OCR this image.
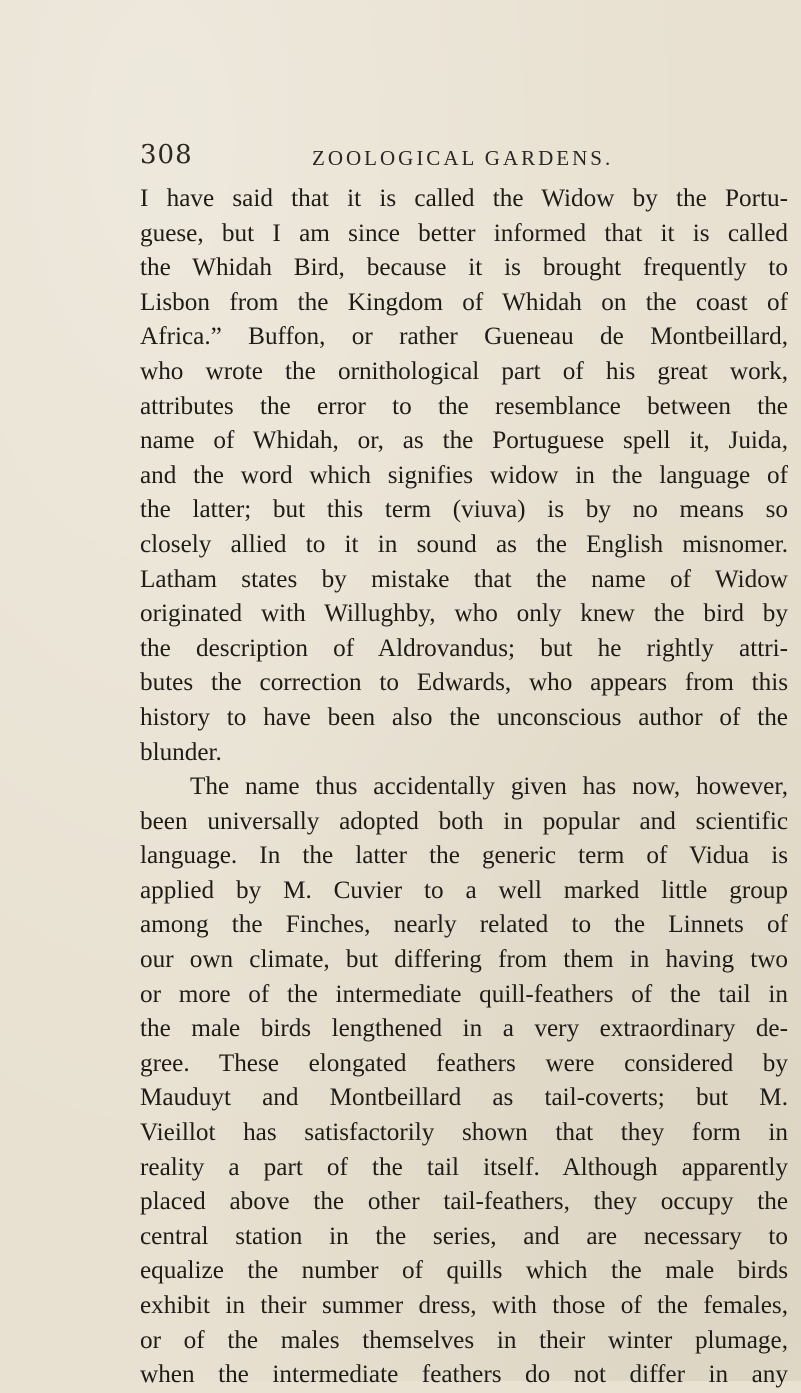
308	ZOOLOGICAL GARDENS.
I have said that it is called the Widow by the Portu-
guese, but I am since better informed that it is called
the Whidah Bird, because it is brought frequently to
Lisbon from the Kingdom of Whidah on the coast of
Africa.” Buffon, or rather Gueneau de Montbeillard,
who wrote the ornithological part of his great work,
attributes the error to the resemblance between the
name of Whidah, or, as the Portuguese spell it, Juida,
and the word which signifies widow in the language of
the latter; but this term (viuva) is by no means so
closely allied to it in sound as the English misnomer.
Latham states by mistake that the name of Widow
originated with Willughby, who only knew the bird by
the description of Aldrovandus; but he rightly attri-
butes the correction to Edwards, who appears from this
history to have been also the unconscious author of the
blunder.
The name thus accidentally given has now, however,
been universally adopted both in popular and scientific
language. In the latter the generic term of Vidua is
applied by M. Cuvier to a well marked little group
among the Finches, nearly related to the Linnets of
our own climate, but differing from them in having two
or more of the intermediate quill-feathers of the tail in
the male birds lengthened in a very extraordinary de-
gree. These elongated feathers were considered by
Mauduyt and Montbeillard as tail-coverts; but M.
Vieillot has satisfactorily shown that they form in
reality a part of the tail itself. Although apparently
placed above the other tail-feathers, they occupy the
central station in the series, and are necessary to
equalize the number of quills which the male birds
exhibit in their summer dress, with those of the females,
or of the males themselves in their winter plumage,
when the intermediate feathers do not differ in any
